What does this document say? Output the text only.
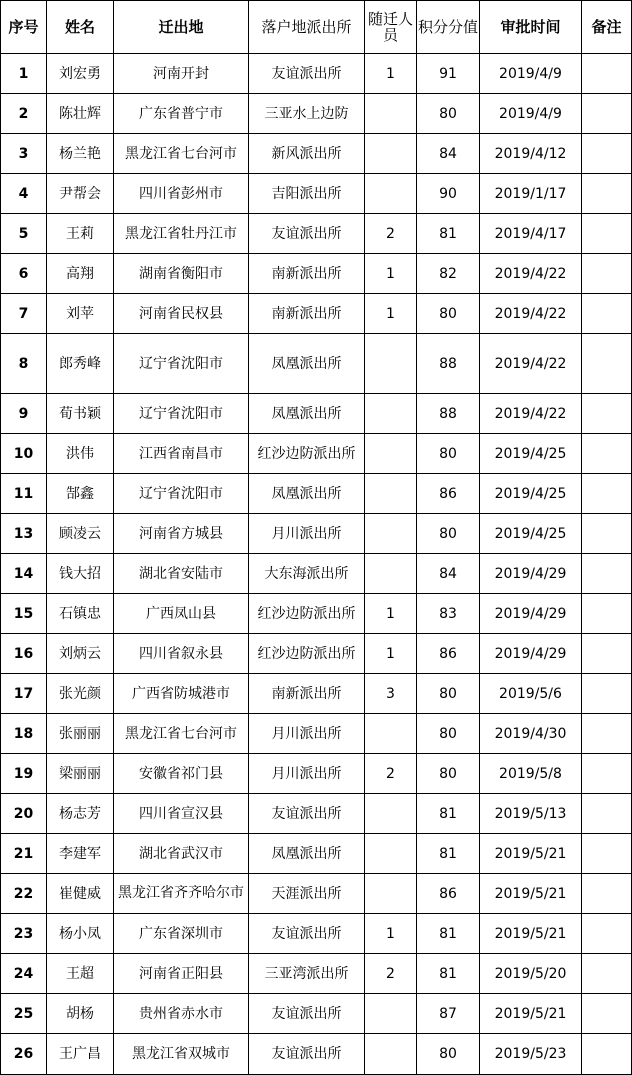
序号	姓名	迁出地	落户地派出所	随迁人员	积分分值	审批时间	备注
1	刘宏勇	河南开封	友谊派出所	1	91	2019/4/9	
2	陈壮辉	广东省普宁市	三亚水上边防		80	2019/4/9	
3	杨兰艳	黑龙江省七台河市	新风派出所		84	2019/4/12	
4	尹帮会	四川省彭州市	吉阳派出所		90	2019/1/17	
5	王莉	黑龙江省牡丹江市	友谊派出所	2	81	2019/4/17	
6	高翔	湖南省衡阳市	南新派出所	1	82	2019/4/22	
7	刘苹	河南省民权县	南新派出所	1	80	2019/4/22	
8	郎秀峰	辽宁省沈阳市	凤凰派出所		88	2019/4/22	
9	荀书颖	辽宁省沈阳市	凤凰派出所		88	2019/4/22	
10	洪伟	江西省南昌市	红沙边防派出所		80	2019/4/25	
11	郜鑫	辽宁省沈阳市	凤凰派出所		86	2019/4/25	
13	顾凌云	河南省方城县	月川派出所		80	2019/4/25	
14	钱大招	湖北省安陆市	大东海派出所		84	2019/4/29	
15	石镇忠	广西凤山县	红沙边防派出所	1	83	2019/4/29	
16	刘炳云	四川省叙永县	红沙边防派出所	1	86	2019/4/29	
17	张光颜	广西省防城港市	南新派出所	3	80	2019/5/6	
18	张丽丽	黑龙江省七台河市	月川派出所		80	2019/4/30	
19	梁丽丽	安徽省祁门县	月川派出所	2	80	2019/5/8	
20	杨志芳	四川省宣汉县	友谊派出所		81	2019/5/13	
21	李建军	湖北省武汉市	凤凰派出所		81	2019/5/21	
22	崔健威	黑龙江省齐齐哈尔市	天涯派出所		86	2019/5/21	
23	杨小凤	广东省深圳市	友谊派出所	1	81	2019/5/21	
24	王超	河南省正阳县	三亚湾派出所	2	81	2019/5/20	
25	胡杨	贵州省赤水市	友谊派出所		87	2019/5/21	
26	王广昌	黑龙江省双城市	友谊派出所		80	2019/5/23	
